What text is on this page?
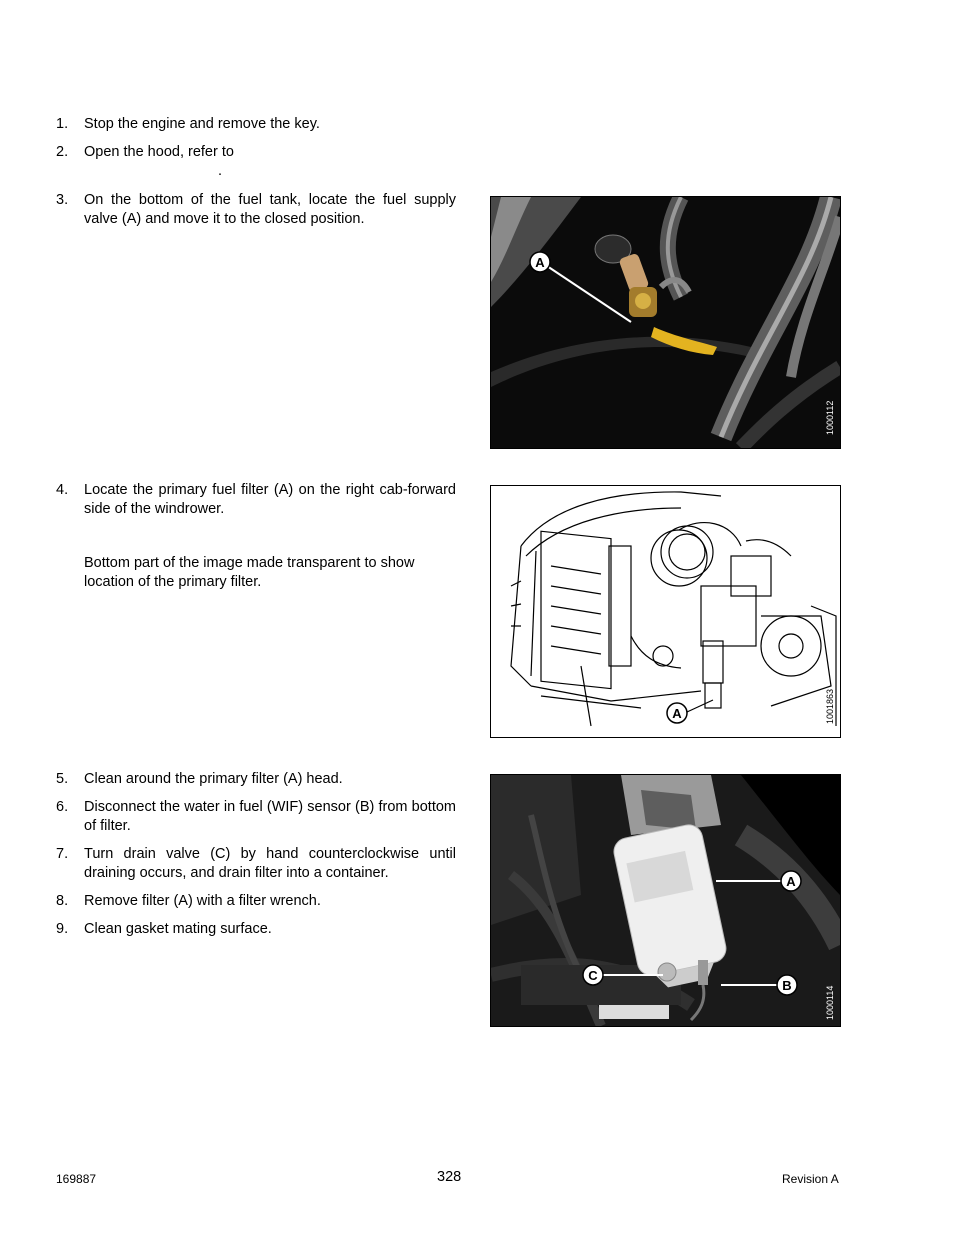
1. Stop the engine and remove the key.
2. Open the hood, refer to
.
3. On the bottom of the fuel tank, locate the fuel supply valve (A) and move it to the closed position.
4. Locate the primary fuel filter (A) on the right cab-forward side of the windrower.
Bottom part of the image made transparent to show location of the primary filter.
5. Clean around the primary filter (A) head.
6. Disconnect the water in fuel (WIF) sensor (B) from bottom of filter.
7. Turn drain valve (C) by hand counterclockwise until draining occurs, and drain filter into a container.
8. Remove filter (A) with a filter wrench.
9. Clean gasket mating surface.
A
1000112
A	1001863
A
B
C
1000114
169887	328	Revision A
